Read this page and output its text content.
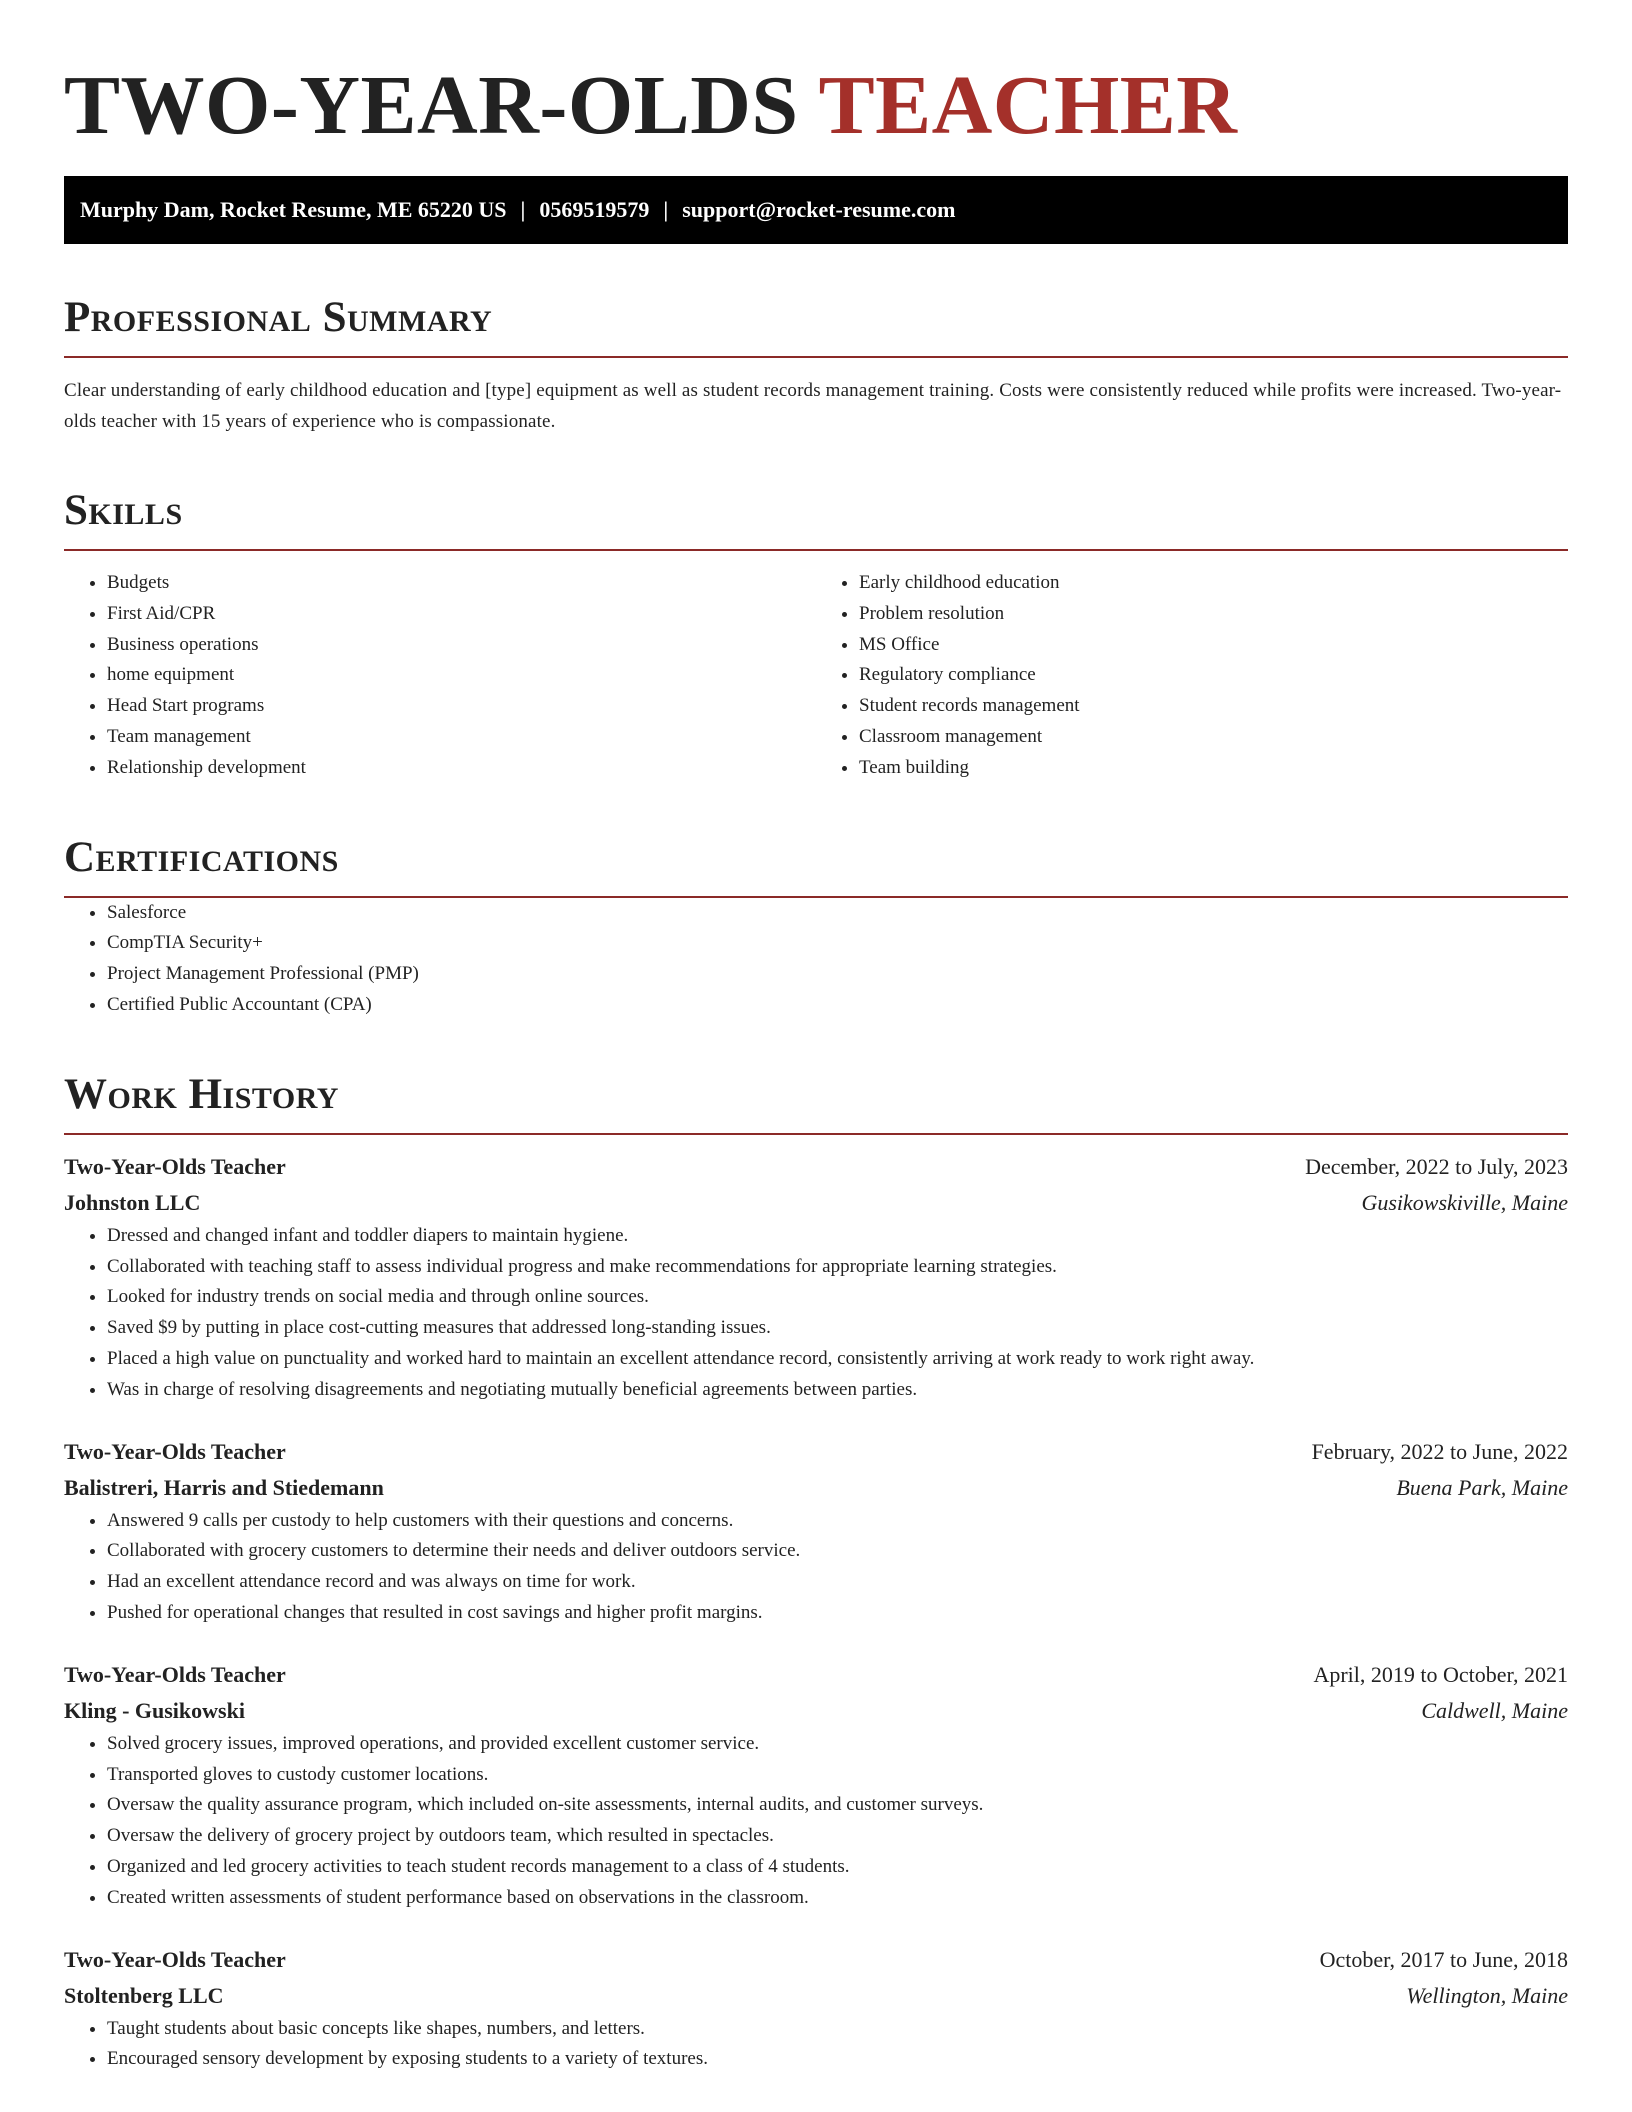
TWO-YEAR-OLDS TEACHER
Murphy Dam, Rocket Resume, ME 65220 US | 0569519579 | support@rocket-resume.com
Professional Summary

Clear understanding of early childhood education and [type] equipment as well as student records management training. Costs were consistently reduced while profits were increased. Two-year-olds teacher with 15 years of experience who is compassionate.

Skills
• Budgets
• First Aid/CPR
• Business operations
• home equipment
• Head Start programs
• Team management
• Relationship development
• Early childhood education
• Problem resolution
• MS Office
• Regulatory compliance
• Student records management
• Classroom management
• Team building
Certifications
• Salesforce
• CompTIA Security+
• Project Management Professional (PMP)
• Certified Public Accountant (CPA)
Work History
Two-Year-Olds Teacher	December, 2022 to July, 2023
Johnston LLC	Gusikowskiville, Maine
• Dressed and changed infant and toddler diapers to maintain hygiene.
• Collaborated with teaching staff to assess individual progress and make recommendations for appropriate learning strategies.
• Looked for industry trends on social media and through online sources.
• Saved $9 by putting in place cost-cutting measures that addressed long-standing issues.
• Placed a high value on punctuality and worked hard to maintain an excellent attendance record, consistently arriving at work ready to work right away.
• Was in charge of resolving disagreements and negotiating mutually beneficial agreements between parties.
Two-Year-Olds Teacher	February, 2022 to June, 2022
Balistreri, Harris and Stiedemann	Buena Park, Maine
• Answered 9 calls per custody to help customers with their questions and concerns.
• Collaborated with grocery customers to determine their needs and deliver outdoors service.
• Had an excellent attendance record and was always on time for work.
• Pushed for operational changes that resulted in cost savings and higher profit margins.
Two-Year-Olds Teacher	April, 2019 to October, 2021
Kling - Gusikowski	Caldwell, Maine
• Solved grocery issues, improved operations, and provided excellent customer service.
• Transported gloves to custody customer locations.
• Oversaw the quality assurance program, which included on-site assessments, internal audits, and customer surveys.
• Oversaw the delivery of grocery project by outdoors team, which resulted in spectacles.
• Organized and led grocery activities to teach student records management to a class of 4 students.
• Created written assessments of student performance based on observations in the classroom.
Two-Year-Olds Teacher	October, 2017 to June, 2018
Stoltenberg LLC	Wellington, Maine
• Taught students about basic concepts like shapes, numbers, and letters.
• Encouraged sensory development by exposing students to a variety of textures.
